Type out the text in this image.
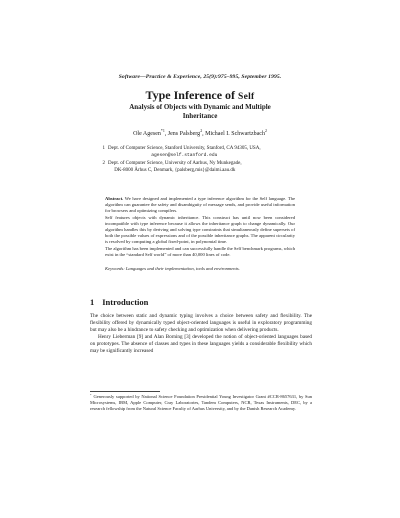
Software—Practice & Experience, 25(9):975–995, September 1995.
Type Inference of Self
Analysis of Objects with Dynamic and Multiple Inheritance
Ole Agesen$^{*1}$, Jens Palsberg$^2$, Michael I. Schwartzbach$^2$
1 Dept. of Computer Science, Stanford University, Stanford, CA 94305, USA,
agesen@self.stanford.edu
2 Dept. of Computer Science, University of Aarhus, Ny Munkegade,
DK-8000 Århus C, Denmark, {palsberg,mis}@daimi.aau.dk

Abstract. We have designed and implemented a type inference algorithm for the Self language. The algorithm can guarantee the safety and disambiguity of message sends, and provide useful information for browsers and optimizing compilers.

Self features objects with dynamic inheritance. This construct has until now been considered incompatible with type inference because it allows the inheritance graph to change dynamically. Our algorithm handles this by deriving and solving type constraints that simultaneously define supersets of both the possible values of expressions and of the possible inheritance graphs. The apparent circularity is resolved by computing a global fixed-point, in polynomial time.

The algorithm has been implemented and can successfully handle the Self benchmark programs, which exist in the “standard Self world” of more than 40,000 lines of code.

Keywords: Languages and their implementation, tools and environments.
1 Introduction

The choice between static and dynamic typing involves a choice between safety and flexibility. The flexibility offered by dynamically typed object-oriented languages is useful in exploratory programming but may also be a hindrance to safety checking and optimization when delivering products.

Henry Lieberman [9] and Alan Borning [3] developed the notion of object-oriented languages based on prototypes. The absence of classes and types in these languages yields a considerable flexibility which may be significantly increased

* Generously supported by National Science Foundation Presidential Young Investigator Grant #CCR-8657631, by Sun Microsystems, IBM, Apple Computer, Cray Laboratories, Tandem Computers, NCR, Texas Instruments, DEC, by a research fellowship from the Natural Science Faculty of Aarhus University, and by the Danish Research Academy.
